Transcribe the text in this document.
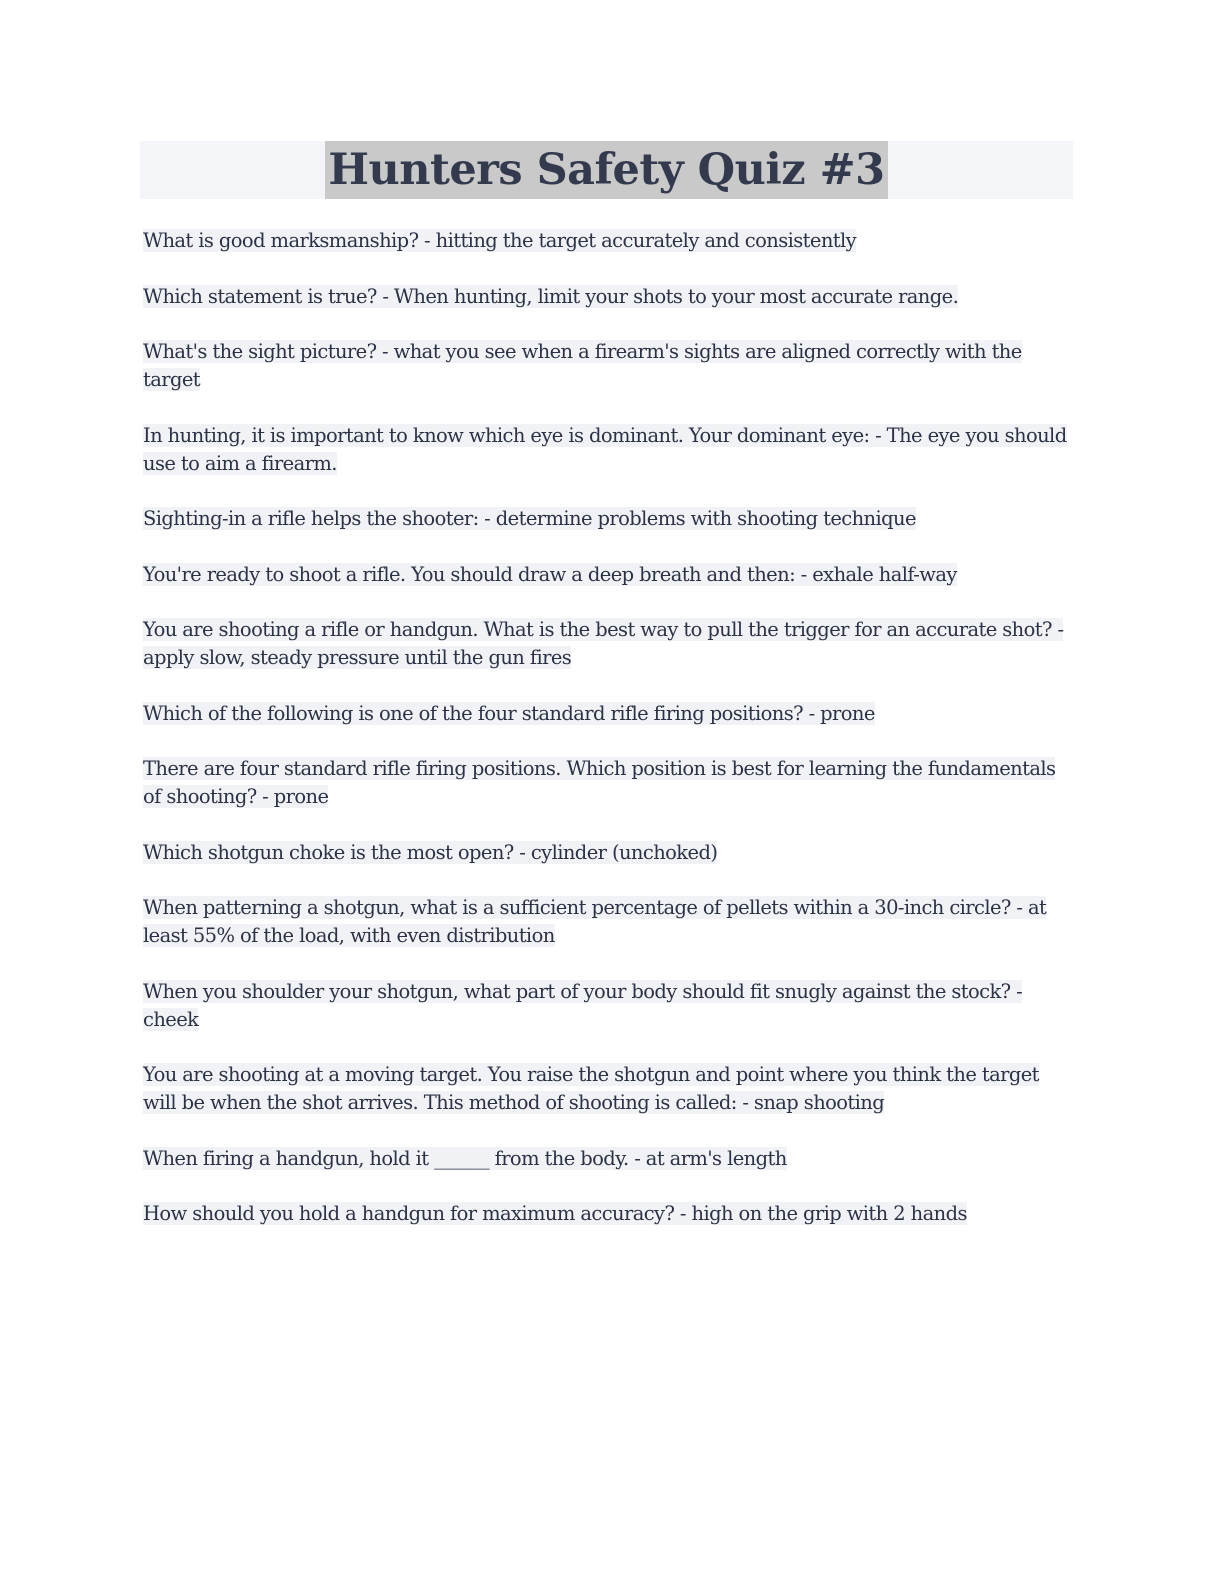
Hunters Safety Quiz #3

What is good marksmanship? - hitting the target accurately and consistently

Which statement is true? - When hunting, limit your shots to your most accurate range.

What's the sight picture? - what you see when a firearm's sights are aligned correctly with the target

In hunting, it is important to know which eye is dominant. Your dominant eye: - The eye you should use to aim a firearm.

Sighting-in a rifle helps the shooter: - determine problems with shooting technique

You're ready to shoot a rifle. You should draw a deep breath and then: - exhale half-way

You are shooting a rifle or handgun. What is the best way to pull the trigger for an accurate shot? - apply slow, steady pressure until the gun fires

Which of the following is one of the four standard rifle firing positions? - prone

There are four standard rifle firing positions. Which position is best for learning the fundamentals of shooting? - prone

Which shotgun choke is the most open? - cylinder (unchoked)

When patterning a shotgun, what is a sufficient percentage of pellets within a 30-inch circle? - at least 55% of the load, with even distribution

When you shoulder your shotgun, what part of your body should fit snugly against the stock? - cheek

You are shooting at a moving target. You raise the shotgun and point where you think the target will be when the shot arrives. This method of shooting is called: - snap shooting

When firing a handgun, hold it ______ from the body. - at arm's length

How should you hold a handgun for maximum accuracy? - high on the grip with 2 hands
